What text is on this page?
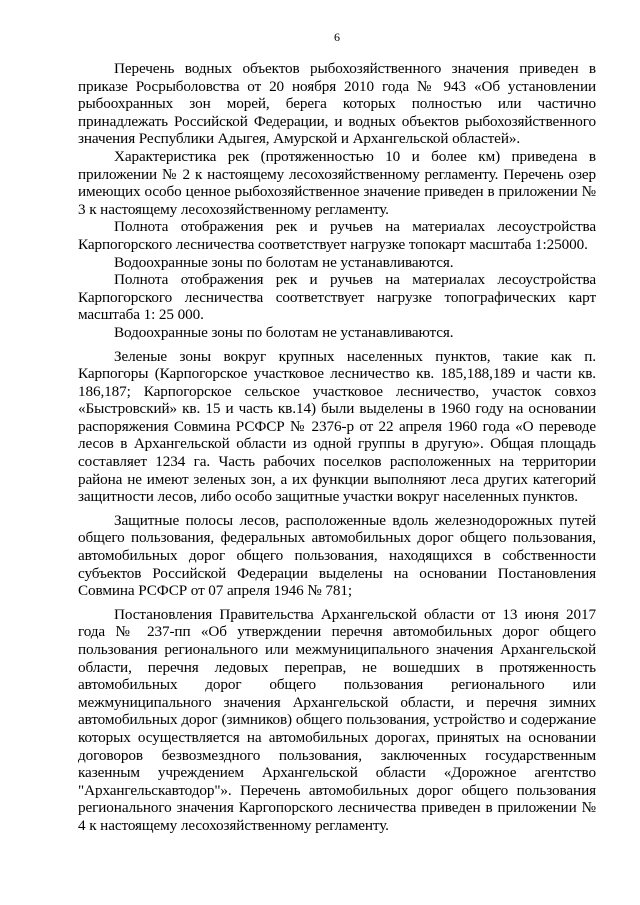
6

Перечень водных объектов рыбохозяйственного значения приведен в приказе Росрыболовства от 20 ноября 2010 года № 943 «Об установлении рыбоохранных зон морей, берега которых полностью или частично принадлежать Российской Федерации, и водных объектов рыбохозяйственного значения Республики Адыгея, Амурской и Архангельской областей».

Характеристика рек (протяженностью 10 и более км) приведена в приложении № 2 к настоящему лесохозяйственному регламенту. Перечень озер имеющих особо ценное рыбохозяйственное значение приведен в приложении № 3 к настоящему лесохозяйственному регламенту.

Полнота отображения рек и ручьев на материалах лесоустройства Карпогорского лесничества соответствует нагрузке топокарт масштаба 1:25000.

Водоохранные зоны по болотам не устанавливаются.

Полнота отображения рек и ручьев на материалах лесоустройства Карпогорского лесничества соответствует нагрузке топографических карт масштаба 1: 25 000.

Водоохранные зоны по болотам не устанавливаются.

Зеленые зоны вокруг крупных населенных пунктов, такие как п. Карпогоры (Карпогорское участковое лесничество кв. 185,188,189 и части кв. 186,187; Карпогорское сельское участковое лесничество, участок совхоз «Быстровский» кв. 15 и часть кв.14) были выделены в 1960 году на основании распоряжения Совмина РСФСР № 2376-р от 22 апреля 1960 года «О переводе лесов в Архангельской области из одной группы в другую». Общая площадь составляет 1234 га. Часть рабочих поселков расположенных на территории района не имеют зеленых зон, а их функции выполняют леса других категорий защитности лесов, либо особо защитные участки вокруг населенных пунктов.

Защитные полосы лесов, расположенные вдоль железнодорожных путей общего пользования, федеральных автомобильных дорог общего пользования, автомобильных дорог общего пользования, находящихся в собственности субъектов Российской Федерации выделены на основании Постановления Совмина РСФСР от 07 апреля 1946 № 781;

Постановления Правительства Архангельской области от 13 июня 2017 года № 237-пп «Об утверждении перечня автомобильных дорог общего пользования регионального или межмуниципального значения Архангельской области, перечня ледовых переправ, не вошедших в протяженность автомобильных дорог общего пользования регионального или межмуниципального значения Архангельской области, и перечня зимних автомобильных дорог (зимников) общего пользования, устройство и содержание которых осуществляется на автомобильных дорогах, принятых на основании договоров безвозмездного пользования, заключенных государственным казенным учреждением Архангельской области «Дорожное агентство "Архангельскавтодор"». Перечень автомобильных дорог общего пользования регионального значения Каргопорского лесничества приведен в приложении № 4 к настоящему лесохозяйственному регламенту.
